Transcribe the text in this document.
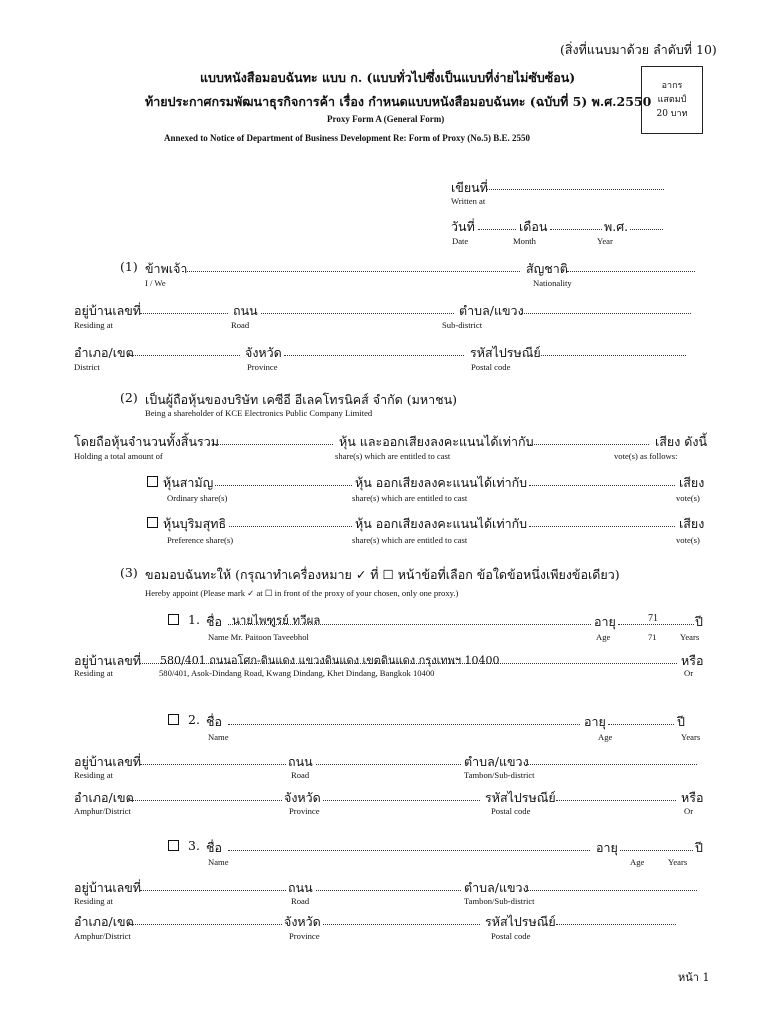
(สิ่งที่แนบมาด้วย ลำดับที่ 10)
แบบหนังสือมอบฉันทะ แบบ ก. (แบบทั่วไปซึ่งเป็นแบบที่ง่ายไม่ซับซ้อน)
ท้ายประกาศกรมพัฒนาธุรกิจการค้า เรื่อง กำหนดแบบหนังสือมอบฉันทะ (ฉบับที่ 5) พ.ศ.2550
Proxy Form A (General Form)
Annexed to Notice of Department of Business Development Re: Form of Proxy (No.5) B.E. 2550
อากร
แสตมป์
20 บาท
เขียนที่
Written at
วันที่	เดือน	พ.ศ.
Date	Month	Year
(1) ข้าพเจ้า	สัญชาติ
I / We	Nationality
อยู่บ้านเลขที่	ถนน	ตำบล/แขวง
Residing at	Road	Sub-district
อำเภอ/เขต	จังหวัด	รหัสไปรษณีย์
District	Province	Postal code
(2) เป็นผู้ถือหุ้นของบริษัท เคซีอี อีเลคโทรนิคส์ จำกัด (มหาชน)
Being a shareholder of KCE Electronics Public Company Limited
โดยถือหุ้นจำนวนทั้งสิ้นรวม	หุ้น และออกเสียงลงคะแนนได้เท่ากับ	เสียง ดังนี้
Holding a total amount of	share(s) which are entitled to cast	vote(s) as follows:
หุ้นสามัญ	หุ้น ออกเสียงลงคะแนนได้เท่ากับ	เสียง
Ordinary share(s)	share(s) which are entitled to cast	vote(s)
หุ้นบุริมสุทธิ	หุ้น ออกเสียงลงคะแนนได้เท่ากับ	เสียง
Preference share(s)	share(s) which are entitled to cast	vote(s)
(3) ขอมอบฉันทะให้ (กรุณาทำเครื่องหมาย ✓ ที่ ☐ หน้าข้อที่เลือก ข้อใดข้อหนึ่งเพียงข้อเดียว)
Hereby appoint (Please mark ✓ at ☐ in front of the proxy of your chosen, only one proxy.)
1. ชื่อ นายไพฑูรย์ ทวีผล	อายุ	71	ปี
Name Mr. Paitoon Taveebhol	Age	71	Years
อยู่บ้านเลขที่ 580/401 ถนนอโศก-ดินแดง แขวงดินแดง เขตดินแดง กรุงเทพฯ 10400	หรือ
Residing at	580/401, Asok-Dindang Road, Kwang Dindang, Khet Dindang, Bangkok 10400	Or
2. ชื่อ	อายุ	ปี
Name	Age	Years
อยู่บ้านเลขที่	ถนน	ตำบล/แขวง
Residing at	Road	Tambon/Sub-district
อำเภอ/เขต	จังหวัด	รหัสไปรษณีย์	หรือ
Amphur/District	Province	Postal code	Or
3. ชื่อ	อายุ	ปี
Name	Age	Years
อยู่บ้านเลขที่	ถนน	ตำบล/แขวง
Residing at	Road	Tambon/Sub-district
อำเภอ/เขต	จังหวัด	รหัสไปรษณีย์
Amphur/District	Province	Postal code
หน้า 1
